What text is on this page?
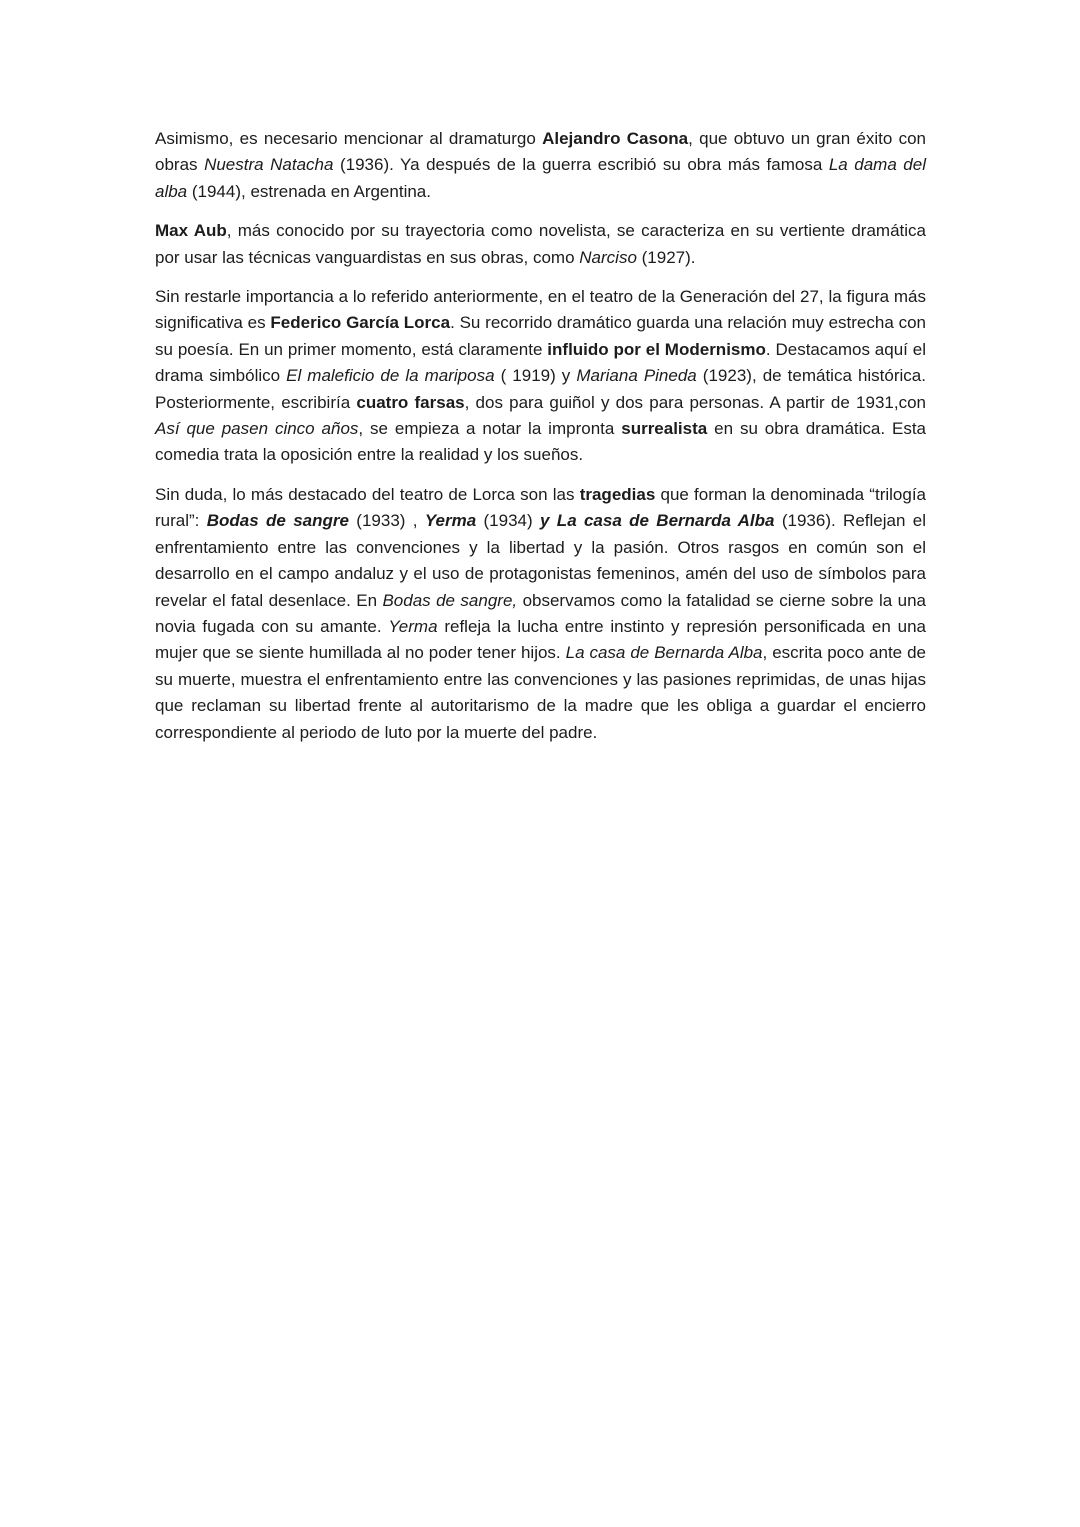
Asimismo, es necesario mencionar al dramaturgo Alejandro Casona, que obtuvo un gran éxito con obras Nuestra Natacha (1936). Ya después de la guerra escribió su obra más famosa La dama del alba (1944), estrenada en Argentina.

Max Aub, más conocido por su trayectoria como novelista, se caracteriza en su vertiente dramática por usar las técnicas vanguardistas en sus obras, como Narciso (1927).

Sin restarle importancia a lo referido anteriormente, en el teatro de la Generación del 27, la figura más significativa es Federico García Lorca. Su recorrido dramático guarda una relación muy estrecha con su poesía. En un primer momento, está claramente influido por el Modernismo. Destacamos aquí el drama simbólico El maleficio de la mariposa ( 1919) y Mariana Pineda (1923), de temática histórica. Posteriormente, escribiría cuatro farsas, dos para guiñol y dos para personas. A partir de 1931,con Así que pasen cinco años, se empieza a notar la impronta surrealista en su obra dramática. Esta comedia trata la oposición entre la realidad y los sueños.

Sin duda, lo más destacado del teatro de Lorca son las tragedias que forman la denominada “trilogía rural”: Bodas de sangre (1933) , Yerma (1934) y La casa de Bernarda Alba (1936). Reflejan el enfrentamiento entre las convenciones y la libertad y la pasión. Otros rasgos en común son el desarrollo en el campo andaluz y el uso de protagonistas femeninos, amén del uso de símbolos para revelar el fatal desenlace. En Bodas de sangre, observamos como la fatalidad se cierne sobre la una novia fugada con su amante. Yerma refleja la lucha entre instinto y represión personificada en una mujer que se siente humillada al no poder tener hijos. La casa de Bernarda Alba, escrita poco ante de su muerte, muestra el enfrentamiento entre las convenciones y las pasiones reprimidas, de unas hijas que reclaman su libertad frente al autoritarismo de la madre que les obliga a guardar el encierro correspondiente al periodo de luto por la muerte del padre.
